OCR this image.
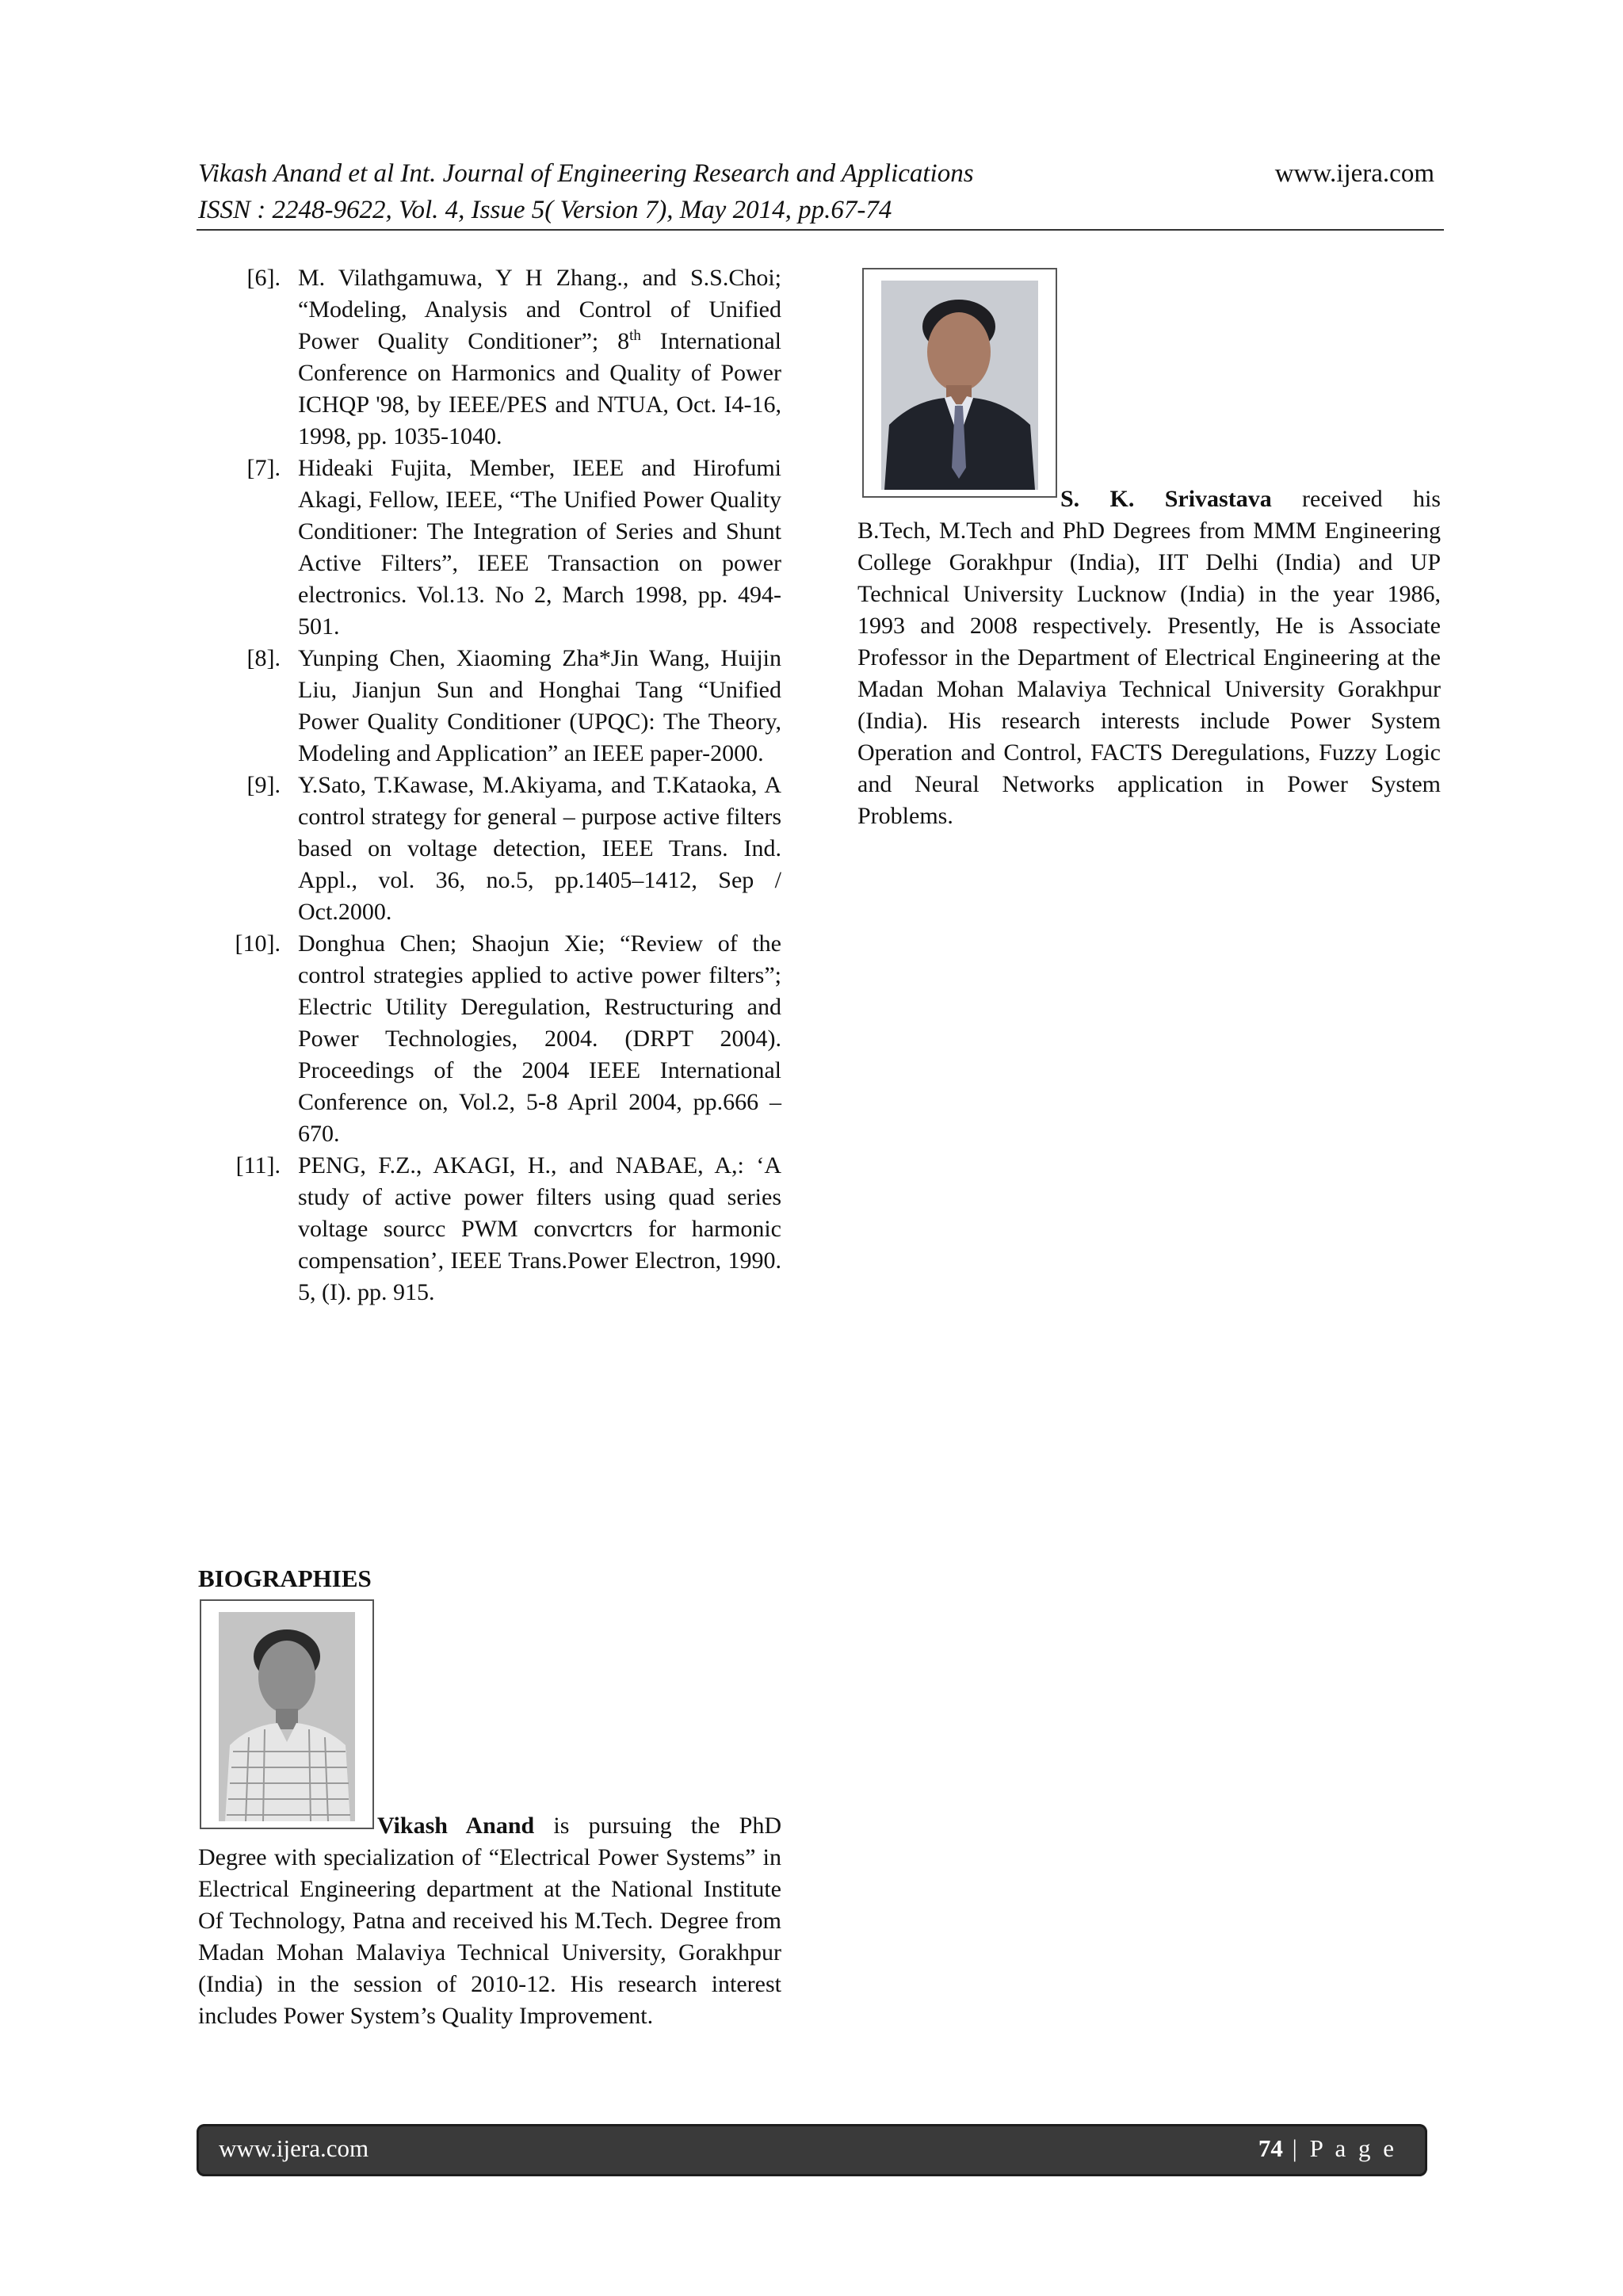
Vikash Anand et al Int. Journal of Engineering Research and Applications
ISSN : 2248-9622, Vol. 4, Issue 5( Version 7), May 2014, pp.67-74
www.ijera.com
[6]. M. Vilathgamuwa, Y H Zhang., and S.S.Choi; “Modeling, Analysis and Control of Unified Power Quality Conditioner”; 8th International Conference on Harmonics and Quality of Power ICHQP '98, by IEEE/PES and NTUA, Oct. I4-16, 1998, pp. 1035-1040.
[7]. Hideaki Fujita, Member, IEEE and Hirofumi Akagi, Fellow, IEEE, “The Unified Power Quality Conditioner: The Integration of Series and Shunt Active Filters”, IEEE Transaction on power electronics. Vol.13. No 2, March 1998, pp. 494-501.
[8]. Yunping Chen, Xiaoming Zha*Jin Wang, Huijin Liu, Jianjun Sun and Honghai Tang “Unified Power Quality Conditioner (UPQC): The Theory, Modeling and Application” an IEEE paper-2000.
[9]. Y.Sato, T.Kawase, M.Akiyama, and T.Kataoka, A control strategy for general – purpose active filters based on voltage detection, IEEE Trans. Ind. Appl., vol. 36, no.5, pp.1405–1412, Sep / Oct.2000.
[10]. Donghua Chen; Shaojun Xie; “Review of the control strategies applied to active power filters”; Electric Utility Deregulation, Restructuring and Power Technologies, 2004. (DRPT 2004). Proceedings of the 2004 IEEE International Conference on, Vol.2, 5-8 April 2004, pp.666 – 670.
[11]. PENG, F.Z., AKAGI, H., and NABAE, A,: ‘A study of active power filters using quad series voltage sourcc PWM convcrtcrs for harmonic compensation’, IEEE Trans.Power Electron, 1990. 5, (I). pp. 915.
BIOGRAPHIES
Vikash Anand is pursuing the PhD
Degree with specialization of “Electrical Power Systems” in Electrical Engineering department at the National Institute Of Technology, Patna and received his M.Tech. Degree from Madan Mohan Malaviya Technical University, Gorakhpur (India) in the session of 2010-12. His research interest includes Power System’s Quality Improvement.
S. K. Srivastava received his
B.Tech, M.Tech and PhD Degrees from MMM Engineering College Gorakhpur (India), IIT Delhi (India) and UP Technical University Lucknow (India) in the year 1986, 1993 and 2008 respectively. Presently, He is Associate Professor in the Department of Electrical Engineering at the Madan Mohan Malaviya Technical University Gorakhpur (India). His research interests include Power System Operation and Control, FACTS Deregulations, Fuzzy Logic and Neural Networks application in Power System Problems.
www.ijera.com	74 | P a g e
